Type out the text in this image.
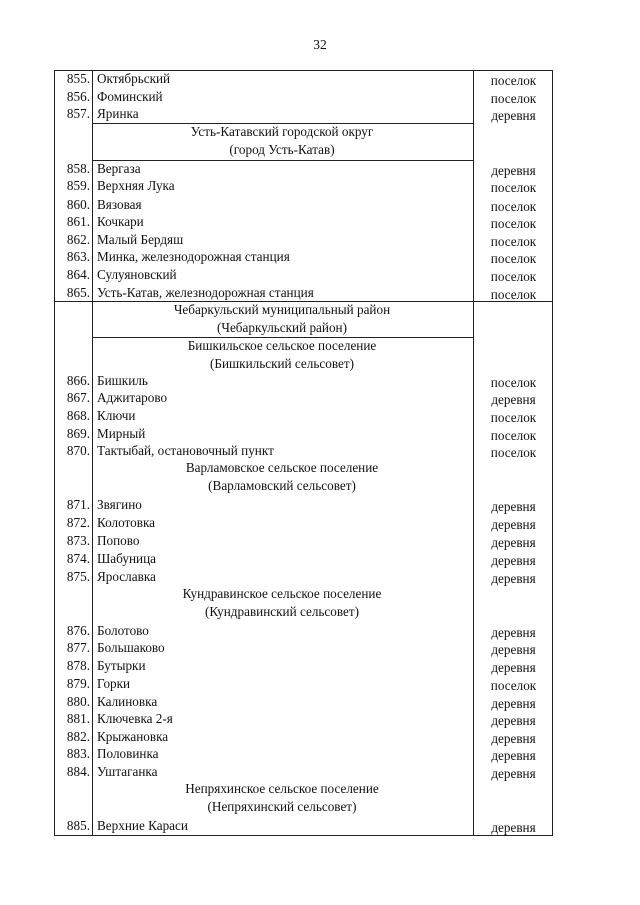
32
855. Октябрьский	поселок
856. Фоминский	поселок
857. Яринка	деревня
Усть-Катавский городской округ
(город Усть-Катав)
858. Вергаза	деревня
859. Верхняя Лука	поселок
860. Вязовая	поселок
861. Кочкари	поселок
862. Малый Бердяш	поселок
863. Минка, железнодорожная станция	поселок
864. Сулуяновский	поселок
865. Усть-Катав, железнодорожная станция	поселок
Чебаркульский муниципальный район
(Чебаркульский район)
Бишкильское сельское поселение
(Бишкильский сельсовет)
866. Бишкиль	поселок
867. Аджитарово	деревня
868. Ключи	поселок
869. Мирный	поселок
870. Тактыбай, остановочный пункт	поселок
Варламовское сельское поселение
(Варламовский сельсовет)
871. Звягино	деревня
872. Колотовка	деревня
873. Попово	деревня
874. Шабуница	деревня
875. Ярославка	деревня
Кундравинское сельское поселение
(Кундравинский сельсовет)
876. Болотово	деревня
877. Большаково	деревня
878. Бутырки	деревня
879. Горки	поселок
880. Калиновка	деревня
881. Ключевка 2-я	деревня
882. Крыжановка	деревня
883. Половинка	деревня
884. Уштаганка	деревня
Непряхинское сельское поселение
(Непряхинский сельсовет)
885. Верхние Караси	деревня
